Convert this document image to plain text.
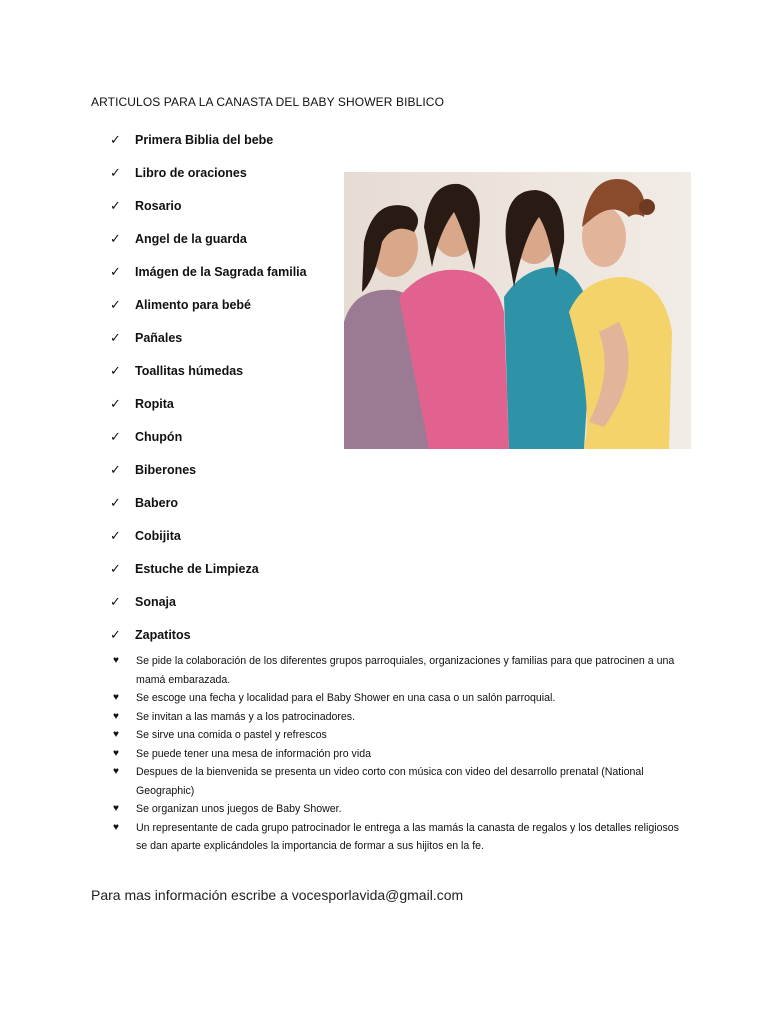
ARTICULOS PARA LA CANASTA DEL BABY SHOWER BIBLICO
✓	Primera Biblia del bebe
✓	Libro de oraciones
✓	Rosario
✓	Angel de la guarda
✓	Imágen de la Sagrada familia
✓	Alimento para bebé
✓	Pañales
✓	Toallitas húmedas
✓	Ropita
✓	Chupón
✓	Biberones
✓	Babero
✓	Cobijita
✓	Estuche de Limpieza
✓	Sonaja
✓	Zapatitos
♥	Se pide la colaboración de los diferentes grupos parroquiales, organizaciones y familias para que patrocinen a una mamá embarazada.
♥	Se escoge una fecha y localidad para el Baby Shower en una casa o un salón parroquial.
♥	Se invitan a las mamás y a los patrocinadores.
♥	Se sirve una comida o pastel y refrescos
♥	Se puede tener una mesa de información pro vida
♥	Despues de la bienvenida se presenta un video corto con música con video del desarrollo prenatal (National Geographic)
♥	Se organizan unos juegos de Baby Shower.
♥	Un representante de cada grupo patrocinador le entrega a las mamás la canasta de regalos y los detalles religiosos se dan aparte explicándoles la importancia de formar a sus hijitos en la fe.
Para mas información escribe a vocesporlavida@gmail.com
